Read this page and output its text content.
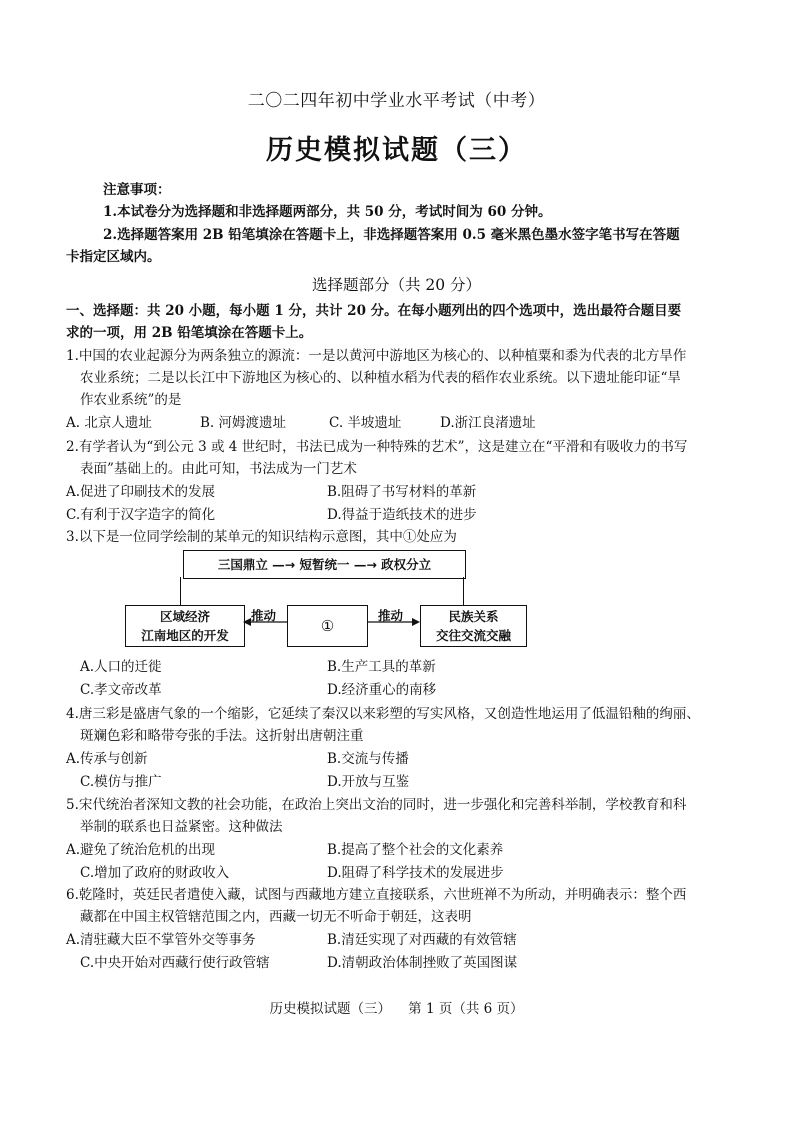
二〇二四年初中学业水平考试（中考）
历史模拟试题（三）
注意事项：
1.本试卷分为选择题和非选择题两部分，共 50 分，考试时间为 60 分钟。
2.选择题答案用 2B 铅笔填涂在答题卡上，非选择题答案用 0.5 毫米黑色墨水签字笔书写在答题
卡指定区域内。
选择题部分（共 20 分）
一、选择题：共 20 小题，每小题 1 分，共计 20 分。在每小题列出的四个选项中，选出最符合题目要
求的一项，用 2B 铅笔填涂在答题卡上。
1.中国的农业起源分为两条独立的源流：一是以黄河中游地区为核心的、以种植粟和黍为代表的北方旱作
农业系统；二是以长江中下游地区为核心的、以种植水稻为代表的稻作农业系统。以下遗址能印证“旱
作农业系统”的是
A. 北京人遗址	B. 河姆渡遗址	C. 半坡遗址	D.浙江良渚遗址
2.有学者认为“到公元 3 或 4 世纪时，书法已成为一种特殊的艺术”，这是建立在“平滑和有吸收力的书写
表面”基础上的。由此可知，书法成为一门艺术
A.促进了印刷技术的发展	B.阻碍了书写材料的革新
C.有利于汉字造字的简化	D.得益于造纸技术的进步
3.以下是一位同学绘制的某单元的知识结构示意图，其中①处应为
三国鼎立 —→ 短暂统一 —→ 政权分立
区域经济
江南地区的开发
①	民族关系
交往交流交融
推动	推动
A.人口的迁徙	B.生产工具的革新
C.孝文帝改革	D.经济重心的南移
4.唐三彩是盛唐气象的一个缩影，它延续了秦汉以来彩塑的写实风格，又创造性地运用了低温铅釉的绚丽、
斑斓色彩和略带夸张的手法。这折射出唐朝注重
A.传承与创新	B.交流与传播
C.模仿与推广	D.开放与互鉴
5.宋代统治者深知文教的社会功能，在政治上突出文治的同时，进一步强化和完善科举制，学校教育和科
举制的联系也日益紧密。这种做法
A.避免了统治危机的出现	B.提高了整个社会的文化素养
C.增加了政府的财政收入	D.阻碍了科学技术的发展进步
6.乾隆时，英廷民者遣使入藏，试图与西藏地方建立直接联系，六世班禅不为所动，并明确表示：整个西
藏都在中国主权管辖范围之内，西藏一切无不听命于朝廷，这表明
A.清驻藏大臣不掌管外交等事务	B.清廷实现了对西藏的有效管辖
C.中央开始对西藏行使行政管辖	D.清朝政治体制挫败了英国图谋
历史模拟试题（三）    第 1 页（共 6 页）
